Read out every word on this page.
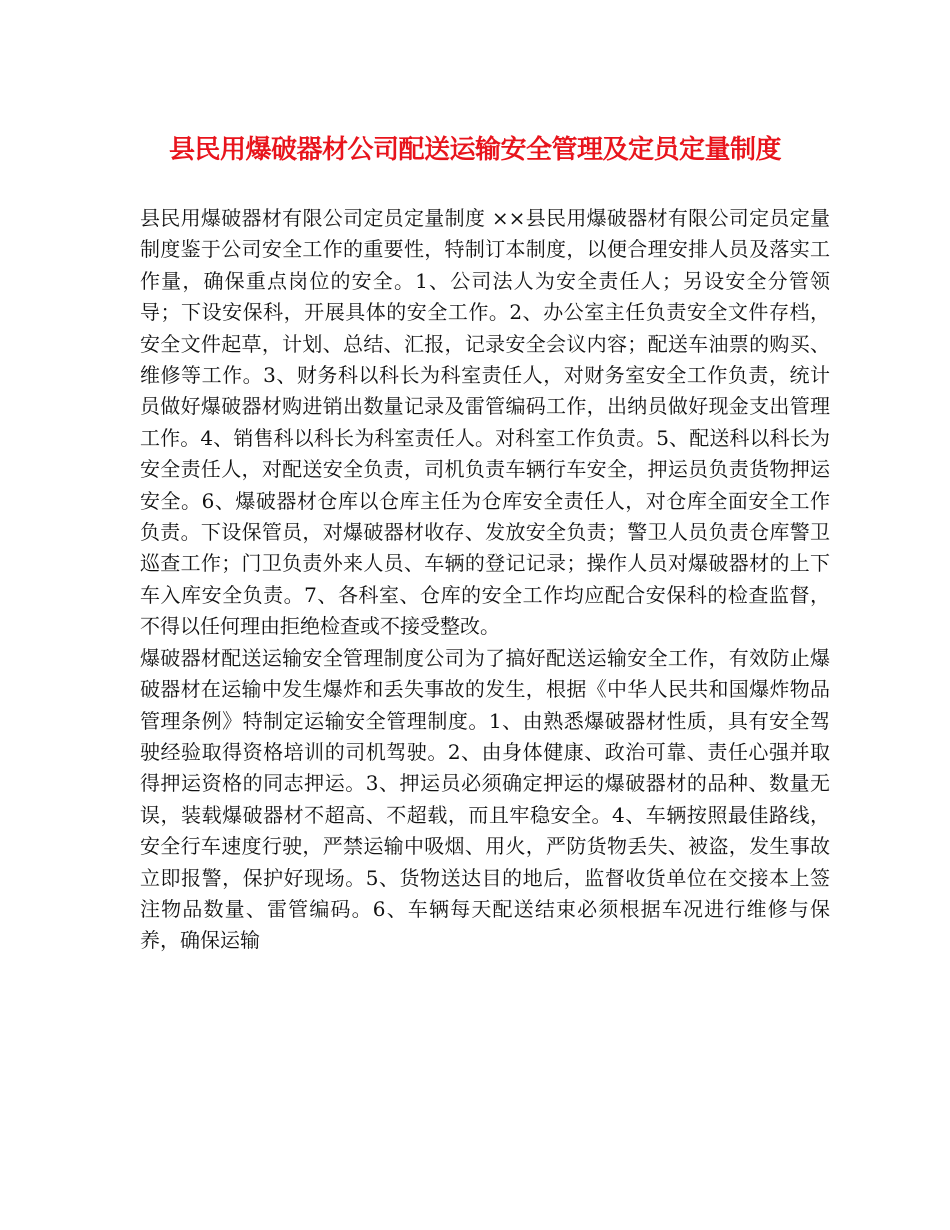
县民用爆破器材公司配送运输安全管理及定员定量制度

县民用爆破器材有限公司定员定量制度 ××县民用爆破器材有限公司定员定量制度鉴于公司安全工作的重要性，特制订本制度，以便合理安排人员及落实工作量，确保重点岗位的安全。1、公司法人为安全责任人；另设安全分管领导；下设安保科，开展具体的安全工作。2、办公室主任负责安全文件存档，安全文件起草，计划、总结、汇报，记录安全会议内容；配送车油票的购买、维修等工作。3、财务科以科长为科室责任人，对财务室安全工作负责，统计员做好爆破器材购进销出数量记录及雷管编码工作，出纳员做好现金支出管理工作。4、销售科以科长为科室责任人。对科室工作负责。5、配送科以科长为安全责任人，对配送安全负责，司机负责车辆行车安全，押运员负责货物押运安全。6、爆破器材仓库以仓库主任为仓库安全责任人，对仓库全面安全工作负责。下设保管员，对爆破器材收存、发放安全负责；警卫人员负责仓库警卫巡查工作；门卫负责外来人员、车辆的登记记录；操作人员对爆破器材的上下车入库安全负责。7、各科室、仓库的安全工作均应配合安保科的检查监督，不得以任何理由拒绝检查或不接受整改。

爆破器材配送运输安全管理制度公司为了搞好配送运输安全工作，有效防止爆破器材在运输中发生爆炸和丢失事故的发生，根据《中华人民共和国爆炸物品管理条例》特制定运输安全管理制度。1、由熟悉爆破器材性质，具有安全驾驶经验取得资格培训的司机驾驶。2、由身体健康、政治可靠、责任心强并取得押运资格的同志押运。3、押运员必须确定押运的爆破器材的品种、数量无误，装载爆破器材不超高、不超载，而且牢稳安全。4、车辆按照最佳路线，安全行车速度行驶，严禁运输中吸烟、用火，严防货物丢失、被盗，发生事故立即报警，保护好现场。5、货物送达目的地后，监督收货单位在交接本上签注物品数量、雷管编码。6、车辆每天配送结束必须根据车况进行维修与保养，确保运输
